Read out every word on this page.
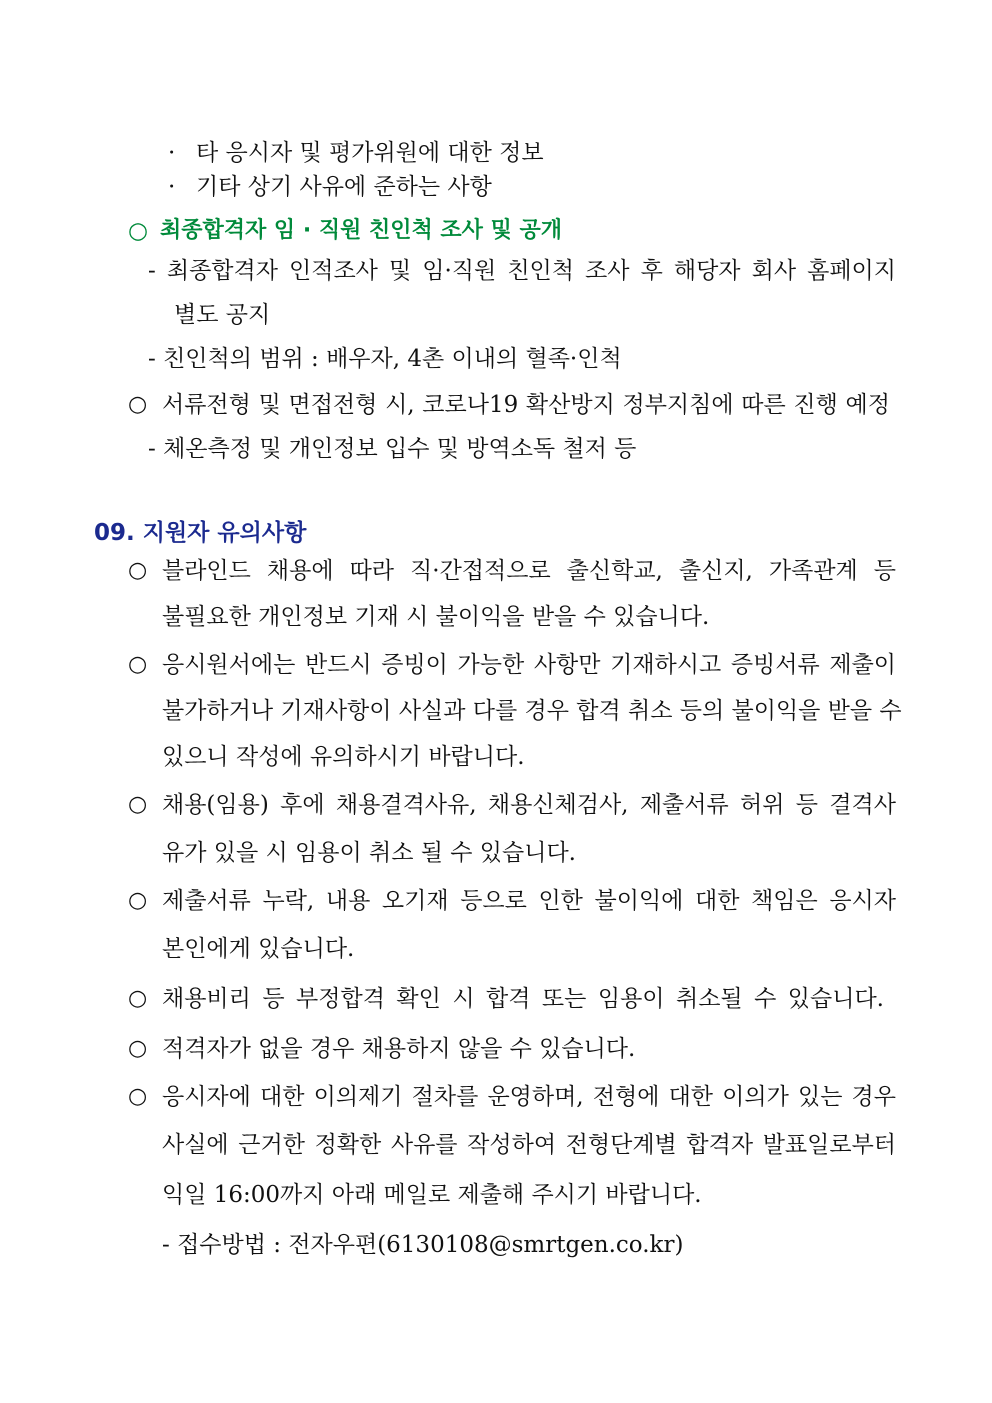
· 타 응시자 및 평가위원에 대한 정보
· 기타 상기 사유에 준하는 사항
○ 최종합격자 임 · 직원 친인척 조사 및 공개
- 최종합격자 인적조사 및 임·직원 친인척 조사 후 해당자 회사 홈페이지
별도 공지
- 친인척의 범위 : 배우자, 4촌 이내의 혈족·인척
○ 서류전형 및 면접전형 시, 코로나19 확산방지 정부지침에 따른 진행 예정
- 체온측정 및 개인정보 입수 및 방역소독 철저 등
09. 지원자 유의사항
○ 블라인드 채용에 따라 직·간접적으로 출신학교, 출신지, 가족관계 등
불필요한 개인정보 기재 시 불이익을 받을 수 있습니다.
○ 응시원서에는 반드시 증빙이 가능한 사항만 기재하시고 증빙서류 제출이
불가하거나 기재사항이 사실과 다를 경우 합격 취소 등의 불이익을 받을 수
있으니 작성에 유의하시기 바랍니다.
○ 채용(임용) 후에 채용결격사유, 채용신체검사, 제출서류 허위 등 결격사
유가 있을 시 임용이 취소 될 수 있습니다.
○ 제출서류 누락, 내용 오기재 등으로 인한 불이익에 대한 책임은 응시자
본인에게 있습니다.
○ 채용비리 등 부정합격 확인 시 합격 또는 임용이 취소될 수 있습니다.
○ 적격자가 없을 경우 채용하지 않을 수 있습니다.
○ 응시자에 대한 이의제기 절차를 운영하며, 전형에 대한 이의가 있는 경우
사실에 근거한 정확한 사유를 작성하여 전형단계별 합격자 발표일로부터
익일 16:00까지 아래 메일로 제출해 주시기 바랍니다.
- 접수방법 : 전자우편(6130108@smrtgen.co.kr)
